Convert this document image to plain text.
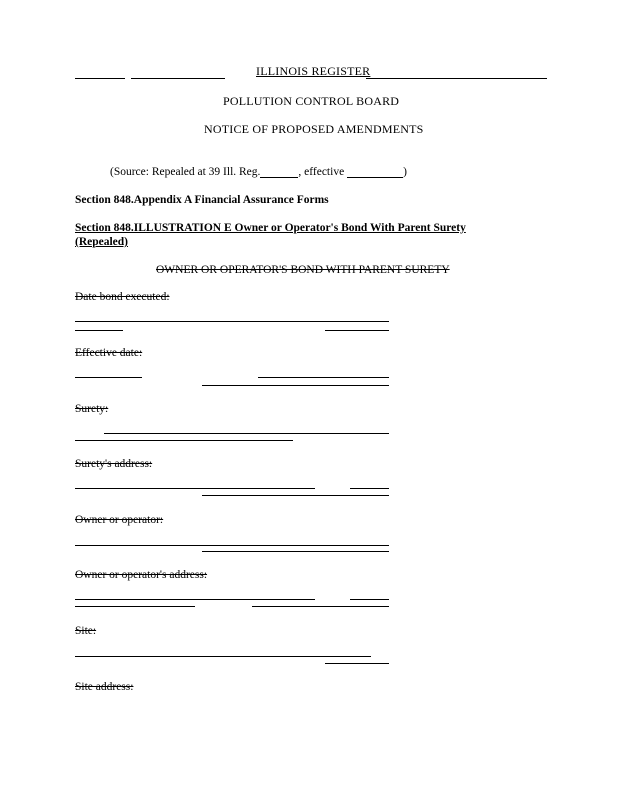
ILLINOIS REGISTER
POLLUTION CONTROL BOARD
NOTICE OF PROPOSED AMENDMENTS
(Source: Repealed at 39 Ill. Reg.	, effective	)
Section 848.Appendix A Financial Assurance Forms
Section 848.ILLUSTRATION E Owner or Operator's Bond With Parent Surety
(Repealed)
OWNER OR OPERATOR'S BOND WITH PARENT SURETY
Date bond executed:
Effective date:
Surety:
Surety's address:
Owner or operator:
Owner or operator's address:
Site:
Site address:
